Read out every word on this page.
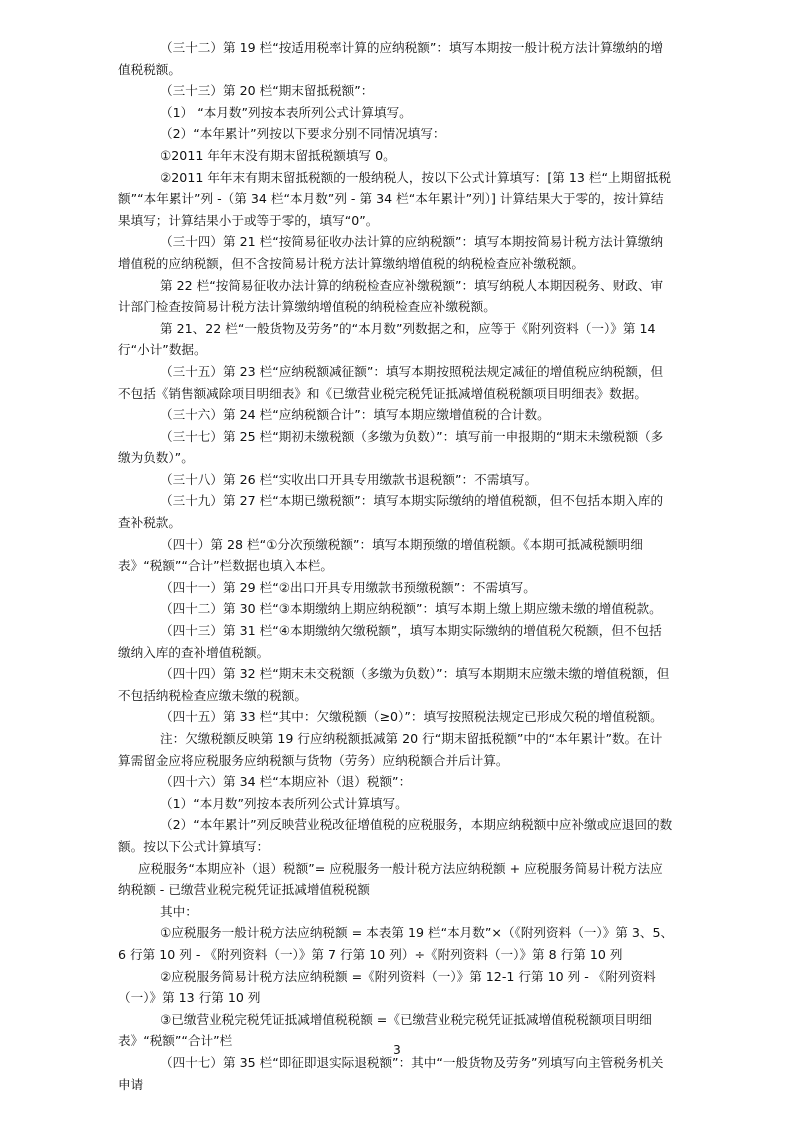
（三十二）第 19 栏“按适用税率计算的应纳税额”：填写本期按一般计税方法计算缴纳的增值税税额。

（三十三）第 20 栏“期末留抵税额”：

（1） “本月数”列按本表所列公式计算填写。

（2）“本年累计”列按以下要求分别不同情况填写：

①2011 年年末没有期末留抵税额填写 0。

②2011 年年末有期末留抵税额的一般纳税人，按以下公式计算填写：[第 13 栏“上期留抵税额”“本年累计”列 -（第 34 栏“本月数”列 - 第 34 栏“本年累计”列）] 计算结果大于零的，按计算结果填写；计算结果小于或等于零的，填写“0”。

（三十四）第 21 栏“按简易征收办法计算的应纳税额”：填写本期按简易计税方法计算缴纳增值税的应纳税额，但不含按简易计税方法计算缴纳增值税的纳税检查应补缴税额。

第 22 栏“按简易征收办法计算的纳税检查应补缴税额”：填写纳税人本期因税务、财政、审计部门检查按简易计税方法计算缴纳增值税的纳税检查应补缴税额。

第 21、22 栏“一般货物及劳务”的“本月数”列数据之和，应等于《附列资料（一）》第 14 行“小计”数据。

（三十五）第 23 栏“应纳税额减征额”：填写本期按照税法规定减征的增值税应纳税额，但不包括《销售额减除项目明细表》和《已缴营业税完税凭证抵减增值税税额项目明细表》数据。

（三十六）第 24 栏“应纳税额合计”：填写本期应缴增值税的合计数。

（三十七）第 25 栏“期初未缴税额（多缴为负数）”：填写前一申报期的“期末未缴税额（多缴为负数）”。

（三十八）第 26 栏“实收出口开具专用缴款书退税额”：不需填写。

（三十九）第 27 栏“本期已缴税额”：填写本期实际缴纳的增值税额，但不包括本期入库的查补税款。

（四十）第 28 栏“①分次预缴税额”：填写本期预缴的增值税额。《本期可抵减税额明细表》“税额”“合计”栏数据也填入本栏。

（四十一）第 29 栏“②出口开具专用缴款书预缴税额”：不需填写。

（四十二）第 30 栏“③本期缴纳上期应纳税额”：填写本期上缴上期应缴未缴的增值税款。

（四十三）第 31 栏“④本期缴纳欠缴税额”，填写本期实际缴纳的增值税欠税额，但不包括缴纳入库的查补增值税额。

（四十四）第 32 栏“期末未交税额（多缴为负数）”：填写本期期末应缴未缴的增值税额，但不包括纳税检查应缴未缴的税额。

（四十五）第 33 栏“其中：欠缴税额（≥0）”：填写按照税法规定已形成欠税的增值税额。

注：欠缴税额反映第 19 行应纳税额抵减第 20 行“期末留抵税额”中的“本年累计”数。在计算需留金应将应税服务应纳税额与货物（劳务）应纳税额合并后计算。

（四十六）第 34 栏“本期应补（退）税额”：

（1）“本月数”列按本表所列公式计算填写。

（2）“本年累计”列反映营业税改征增值税的应税服务，本期应纳税额中应补缴或应退回的数额。按以下公式计算填写：

应税服务“本期应补（退）税额”= 应税服务一般计税方法应纳税额 + 应税服务简易计税方法应纳税额 - 已缴营业税完税凭证抵减增值税税额

其中：

①应税服务一般计税方法应纳税额 = 本表第 19 栏“本月数”×（《附列资料（一）》第 3、5、6 行第 10 列 - 《附列资料（一）》第 7 行第 10 列）÷《附列资料（一）》第 8 行第 10 列

②应税服务简易计税方法应纳税额 =《附列资料（一）》第 12-1 行第 10 列 - 《附列资料（一）》第 13 行第 10 列

③已缴营业税完税凭证抵减增值税税额 =《已缴营业税完税凭证抵减增值税税额项目明细表》“税额”“合计”栏

（四十七）第 35 栏“即征即退实际退税额”：其中“一般货物及劳务”列填写向主管税务机关申请

3
